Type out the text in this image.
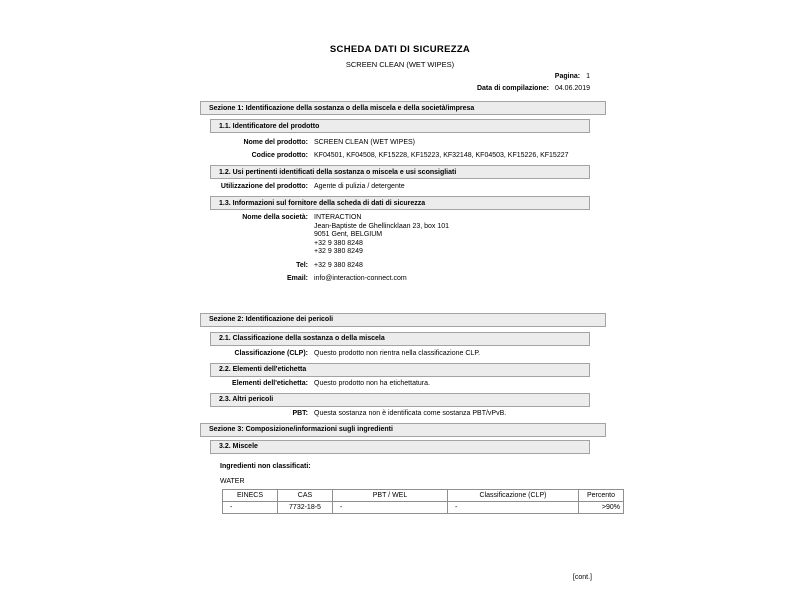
SCHEDA DATI DI SICUREZZA
SCREEN CLEAN (WET WIPES)
Pagina: 1
Data di compilazione: 04.06.2019
Sezione 1: Identificazione della sostanza o della miscela e della società/impresa
1.1. Identificatore del prodotto
Nome del prodotto: SCREEN CLEAN (WET WIPES)
Codice prodotto: KF04501, KF04508, KF15228, KF15223, KF32148, KF04503, KF15226, KF15227
1.2. Usi pertinenti identificati della sostanza o miscela e usi sconsigliati
Utilizzazione del prodotto: Agente di pulizia / detergente
1.3. Informazioni sul fornitore della scheda di dati di sicurezza
Nome della società: INTERACTION
Jean-Baptiste de Ghellincklaan 23, box 101
9051 Gent, BELGIUM
+32 9 380 8248
+32 9 380 8249
Tel: +32 9 380 8248
Email: info@interaction-connect.com
Sezione 2: Identificazione dei pericoli
2.1. Classificazione della sostanza o della miscela
Classificazione (CLP): Questo prodotto non rientra nella classificazione CLP.
2.2. Elementi dell'etichetta
Elementi dell'etichetta: Questo prodotto non ha etichettatura.
2.3. Altri pericoli
PBT: Questa sostanza non è identificata come sostanza PBT/vPvB.
Sezione 3: Composizione/informazioni sugli ingredienti
3.2. Miscele
Ingredienti non classificati:
WATER
EINECS	CAS	PBT / WEL	Classificazione (CLP)	Percento
-	7732-18-5	-	-	>90%
[cont.]
